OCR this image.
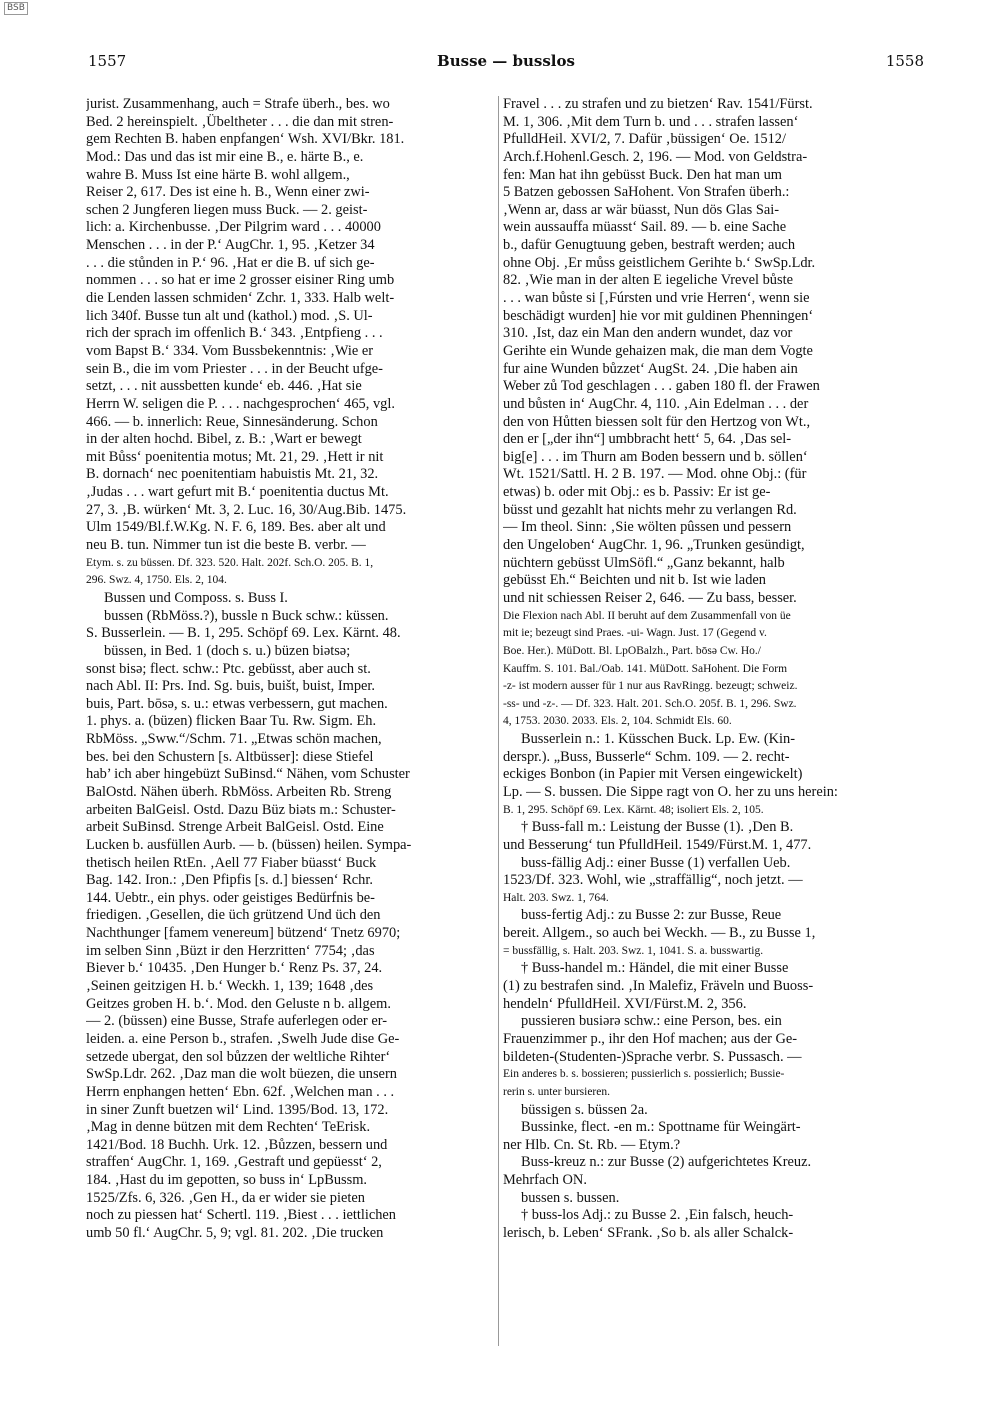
BSB
1557	Busse — busslos	1558
jurist. Zusammenhang, auch = Strafe überh., bes. wo
Bed. 2 hereinspielt. ‚Übeltheter . . . die dan mit stren-
gem Rechten B. haben enpfangen‘ Wsh. XVI/Bkr. 181.
Mod.: Das und das ist mir eine B., e. härte B., e.
wahre B. Muss Ist eine härte B. wohl allgem.,
Reiser 2, 617. Des ist eine h. B., Wenn einer zwi-
schen 2 Jungferen liegen muss Buck. — 2. geist-
lich: a. Kirchenbusse. ‚Der Pilgrim ward . . . 40000
Menschen . . . in der P.‘ AugChr. 1, 95. ‚Ketzer 34
. . . die stůnden in P.‘ 96. ‚Hat er die B. uf sich ge-
nommen . . . so hat er ime 2 grosser eisiner Ring umb
die Lenden lassen schmiden‘ Zchr. 1, 333. Halb welt-
lich 340f. Busse tun alt und (kathol.) mod. ‚S. Ul-
rich der sprach im offenlich B.‘ 343. ‚Entpfieng . . .
vom Bapst B.‘ 334. Vom Bussbekenntnis: ‚Wie er
sein B., die im vom Priester . . . in der Beucht ufge-
setzt, . . . nit aussbetten kunde‘ eb. 446. ‚Hat sie
Herrn W. seligen die P. . . . nachgesprochen‘ 465, vgl.
466. — b. innerlich: Reue, Sinnesänderung. Schon
in der alten hochd. Bibel, z. B.: ‚Wart er bewegt
mit Bůss‘ poenitentia motus; Mt. 21, 29. ‚Hett ir nit
B. dornach‘ nec poenitentiam habuistis Mt. 21, 32.
‚Judas . . . wart gefurt mit B.‘ poenitentia ductus Mt.
27, 3. ‚B. würken‘ Mt. 3, 2. Luc. 16, 30/Aug.Bib. 1475.
Ulm 1549/Bl.f.W.Kg. N. F. 6, 189. Bes. aber alt und
neu B. tun. Nimmer tun ist die beste B. verbr. —
Etym. s. zu büssen. Df. 323. 520. Halt. 202f. Sch.O. 205. B. 1,
296. Swz. 4, 1750. Els. 2, 104.
Bussen und Composs. s. Buss I.
bussen (RbMöss.?), bussle n Buck schw.: küssen.
S. Busserlein. — B. 1, 295. Schöpf 69. Lex. Kärnt. 48.
büssen, in Bed. 1 (doch s. u.) büzen biətsə;
sonst bisə; flect. schw.: Ptc. gebüsst, aber auch st.
nach Abl. II: Prs. Ind. Sg. buis, buišt, buist, Imper.
buis, Part. bōsə, s. u.: etwas verbessern, gut machen.
1. phys. a. (büzen) flicken Baar Tu. Rw. Sigm. Eh.
RbMöss. „Sww.“/Schm. 71. „Etwas schön machen,
bes. bei den Schustern [s. Altbüsser]: diese Stiefel
hab’ ich aber hingebüzt SuBinsd.“ Nähen, vom Schuster
BalOstd. Nähen überh. RbMöss. Arbeiten Rb. Streng
arbeiten BalGeisl. Ostd. Dazu Büz biəts m.: Schuster-
arbeit SuBinsd. Strenge Arbeit BalGeisl. Ostd. Eine
Lucken b. ausfüllen Aurb. — b. (büssen) heilen. Sympa-
thetisch heilen RtEn. ‚Aell 77 Fiaber büasst‘ Buck
Bag. 142. Iron.: ‚Den Pfipfis [s. d.] biessen‘ Rchr.
144. Uebtr., ein phys. oder geistiges Bedürfnis be-
friedigen. ‚Gesellen, die üch grützend Und üch den
Nachthunger [famem venereum] bützend‘ Tnetz 6970;
im selben Sinn ‚Büzt ir den Herzritten‘ 7754; ‚das
Biever b.‘ 10435. ‚Den Hunger b.‘ Renz Ps. 37, 24.
‚Seinen geitzigen H. b.‘ Weckh. 1, 139; 1648 ‚des
Geitzes groben H. b.‘. Mod. den Geluste n b. allgem.
— 2. (büssen) eine Busse, Strafe auferlegen oder er-
leiden. a. eine Person b., strafen. ‚Swelh Jude dise Ge-
setzede ubergat, den sol bůzzen der weltliche Rihter‘
SwSp.Ldr. 262. ‚Daz man die wolt büezen, die unsern
Herrn enphangen hetten‘ Ebn. 62f. ‚Welchen man . . .
in siner Zunft buetzen wil‘ Lind. 1395/Bod. 13, 172.
‚Mag in denne bützen mit dem Rechten‘ TeErisk.
1421/Bod. 18 Buchh. Urk. 12. ‚Bůzzen, bessern und
straffen‘ AugChr. 1, 169. ‚Gestraft und gepüesst‘ 2,
184. ‚Hast du im gepotten, so buss in‘ LpBussm.
1525/Zfs. 6, 326. ‚Gen H., da er wider sie pieten
noch zu piessen hat‘ Schertl. 119. ‚Biest . . . iettlichen
umb 50 fl.‘ AugChr. 5, 9; vgl. 81. 202. ‚Die trucken
Fravel . . . zu strafen und zu bietzen‘ Rav. 1541/Fürst.
M. 1, 306. ‚Mit dem Turn b. und . . . strafen lassen‘
PfulldHeil. XVI/2, 7. Dafür ‚büssigen‘ Oe. 1512/
Arch.f.Hohenl.Gesch. 2, 196. — Mod. von Geldstra-
fen: Man hat ihn gebüsst Buck. Den hat man um
5 Batzen gebossen SaHohent. Von Strafen überh.:
‚Wenn ar, dass ar wär büasst, Nun dös Glas Sai-
wein aussauffa müasst‘ Sail. 89. — b. eine Sache
b., dafür Genugtuung geben, bestraft werden; auch
ohne Obj. ‚Er můss geistlichem Gerihte b.‘ SwSp.Ldr.
82. ‚Wie man in der alten E iegeliche Vrevel bůste
. . . wan bůste si [‚Fúrsten und vrie Herren‘, wenn sie
beschädigt wurden] hie vor mit guldinen Phenningen‘
310. ‚Ist, daz ein Man den andern wundet, daz vor
Gerihte ein Wunde gehaizen mak, die man dem Vogte
fur aine Wunden bůzzet‘ AugSt. 24. ‚Die haben ain
Weber zů Tod geschlagen . . . gaben 180 fl. der Frawen
und bůsten in‘ AugChr. 4, 110. ‚Ain Edelman . . . der
den von Hůtten biessen solt für den Hertzog von Wt.,
den er [„der ihn“] umbbracht hett‘ 5, 64. ‚Das sel-
big[e] . . . im Thurn am Boden bessern und b. söllen‘
Wt. 1521/Sattl. H. 2 B. 197. — Mod. ohne Obj.: (für
etwas) b. oder mit Obj.: es b. Passiv: Er ist ge-
büsst und gezahlt hat nichts mehr zu verlangen Rd.
— Im theol. Sinn: ‚Sie wölten pûssen und pessern
den Ungeloben‘ AugChr. 1, 96. „Trunken gesündigt,
nüchtern gebüsst UlmSöfl.“ „Ganz bekannt, halb
gebüsst Eh.“ Beichten und nit b. Ist wie laden
und nit schiessen Reiser 2, 646. — Zu bass, besser.
Die Flexion nach Abl. II beruht auf dem Zusammenfall von üe
mit ie; bezeugt sind Praes. -ui- Wagn. Just. 17 (Gegend v.
Boe. Her.). MüDott. Bl. LpOBalzh., Part. bōsə Cw. Ho./
Kauffm. S. 101. Bal./Oab. 141. MüDott. SaHohent. Die Form
-z- ist modern ausser für 1 nur aus RavRingg. bezeugt; schweiz.
-ss- und -z-. — Df. 323. Halt. 201. Sch.O. 205f. B. 1, 296. Swz.
4, 1753. 2030. 2033. Els. 2, 104. Schmidt Els. 60.
Busserlein n.: 1. Küsschen Buck. Lp. Ew. (Kin-
derspr.). „Buss, Busserle“ Schm. 109. — 2. recht-
eckiges Bonbon (in Papier mit Versen eingewickelt)
Lp. — S. bussen. Die Sippe ragt von O. her zu uns herein:
B. 1, 295. Schöpf 69. Lex. Kärnt. 48; isoliert Els. 2, 105.
† Buss-fall m.: Leistung der Busse (1). ‚Den B.
und Besserung‘ tun PfulldHeil. 1549/Fürst.M. 1, 477.
buss-fällig Adj.: einer Busse (1) verfallen Ueb.
1523/Df. 323. Wohl, wie „straffällig“, noch jetzt. —
Halt. 203. Swz. 1, 764.
buss-fertig Adj.: zu Busse 2: zur Busse, Reue
bereit. Allgem., so auch bei Weckh. — B., zu Busse 1,
= bussfällig, s. Halt. 203. Swz. 1, 1041. S. a. busswartig.
† Buss-handel m.: Händel, die mit einer Busse
(1) zu bestrafen sind. ‚In Malefiz, Fräveln und Buoss-
hendeln‘ PfulldHeil. XVI/Fürst.M. 2, 356.
pussieren busiərə schw.: eine Person, bes. ein
Frauenzimmer p., ihr den Hof machen; aus der Ge-
bildeten-(Studenten-)Sprache verbr. S. Pussasch. —
Ein anderes b. s. bossieren; pussierlich s. possierlich; Bussie-
rerin s. unter bursieren.
büssigen s. büssen 2a.
Bussinke, flect. -en m.: Spottname für Weingärt-
ner Hlb. Cn. St. Rb. — Etym.?
Buss-kreuz n.: zur Busse (2) aufgerichtetes Kreuz.
Mehrfach ON.
bussen s. bussen.
† buss-los Adj.: zu Busse 2. ‚Ein falsch, heuch-
lerisch, b. Leben‘ SFrank. ‚So b. als aller Schalck-
